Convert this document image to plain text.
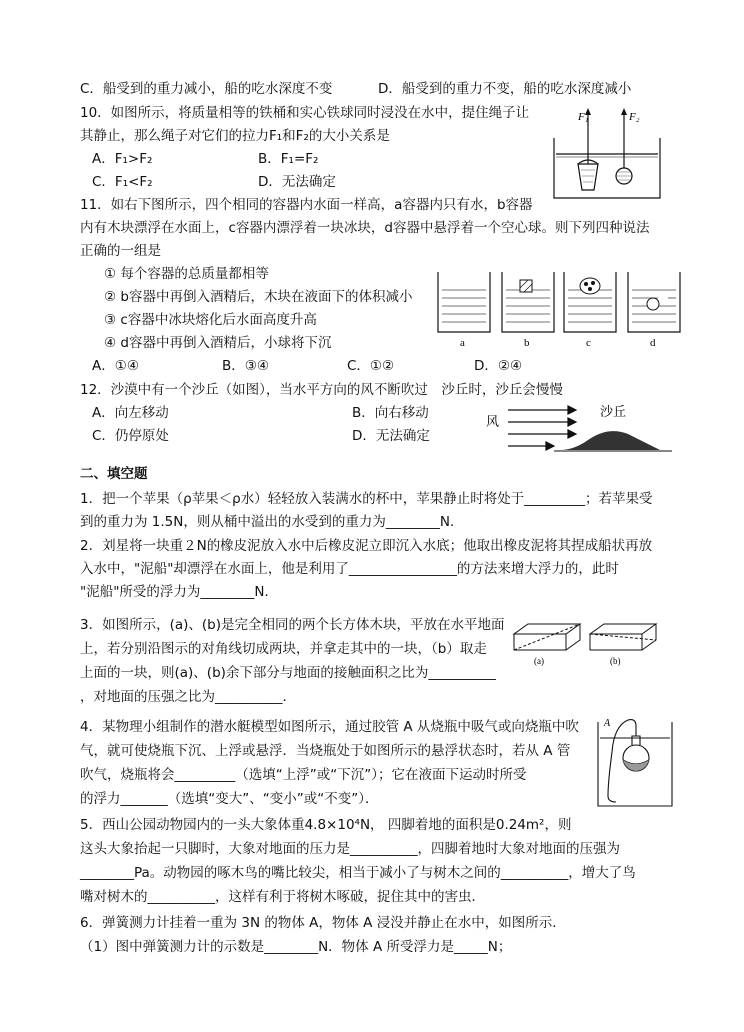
C．船受到的重力减小，船的吃水深度不变	D．船受到的重力不变，船的吃水深度减小
10．如图所示，将质量相等的铁桶和实心铁球同时浸没在水中，提住绳子让
其静止，那么绳子对它们的拉力F₁和F₂的大小关系是
A．F₁>F₂	B．F₁=F₂
C．F₁<F₂	D．无法确定
F₁	F₂
11．如右下图所示，四个相同的容器内水面一样高，a容器内只有水，b容器
内有木块漂浮在水面上，c容器内漂浮着一块冰块，d容器中悬浮着一个空心球。则下列四种说法
正确的一组是
① 每个容器的总质量都相等
② b容器中再倒入酒精后，木块在液面下的体积减小
③ c容器中冰块熔化后水面高度升高
④ d容器中再倒入酒精后，小球将下沉
A．①④	B．③④	C．①②	D．②④
a	b	c	d
12．沙漠中有一个沙丘（如图），当水平方向的风不断吹过　沙丘时，沙丘会慢慢
A．向左移动	B．向右移动
C．仍停原处	D．无法确定
风
沙丘
二、填空题
1．把一个苹果（ρ苹果＜ρ水）轻轻放入装满水的杯中，苹果静止时将处于_________；若苹果受
到的重力为 1.5N，则从桶中溢出的水受到的重力为________N．
2．刘星将一块重２N的橡皮泥放入水中后橡皮泥立即沉入水底；他取出橡皮泥将其捏成船状再放
入水中，"泥船"却漂浮在水面上，他是利用了________________的方法来增大浮力的，此时
"泥船"所受的浮力为________N．
3．如图所示，(a)、(b)是完全相同的两个长方体木块，平放在水平地面
上，若分别沿图示的对角线切成两块，并拿走其中的一块，（b）取走
上面的一块，则(a)、(b)余下部分与地面的接触面积之比为__________
，对地面的压强之比为__________．
(a)	(b)
4．某物理小组制作的潜水艇模型如图所示，通过胶管 A 从烧瓶中吸气或向烧瓶中吹
气，就可使烧瓶下沉、上浮或悬浮．当烧瓶处于如图所示的悬浮状态时，若从 A 管
吹气，烧瓶将会_________（选填“上浮”或“下沉”）；它在液面下运动时所受
的浮力_______（选填“变大”、“变小”或“不变”）．
A
5．西山公园动物园内的一头大象体重4.8×10⁴N， 四脚着地的面积是0.24m²，则
这头大象抬起一只脚时，大象对地面的压力是__________，四脚着地时大象对地面的压强为
________Pa。动物园的啄木鸟的嘴比较尖，相当于减小了与树木之间的__________，增大了鸟
嘴对树木的__________，这样有利于将树木啄破，捉住其中的害虫．
6．弹簧测力计挂着一重为 3N 的物体 A，物体 A 浸没并静止在水中，如图所示．
（1）图中弹簧测力计的示数是________N．物体 A 所受浮力是_____N；
